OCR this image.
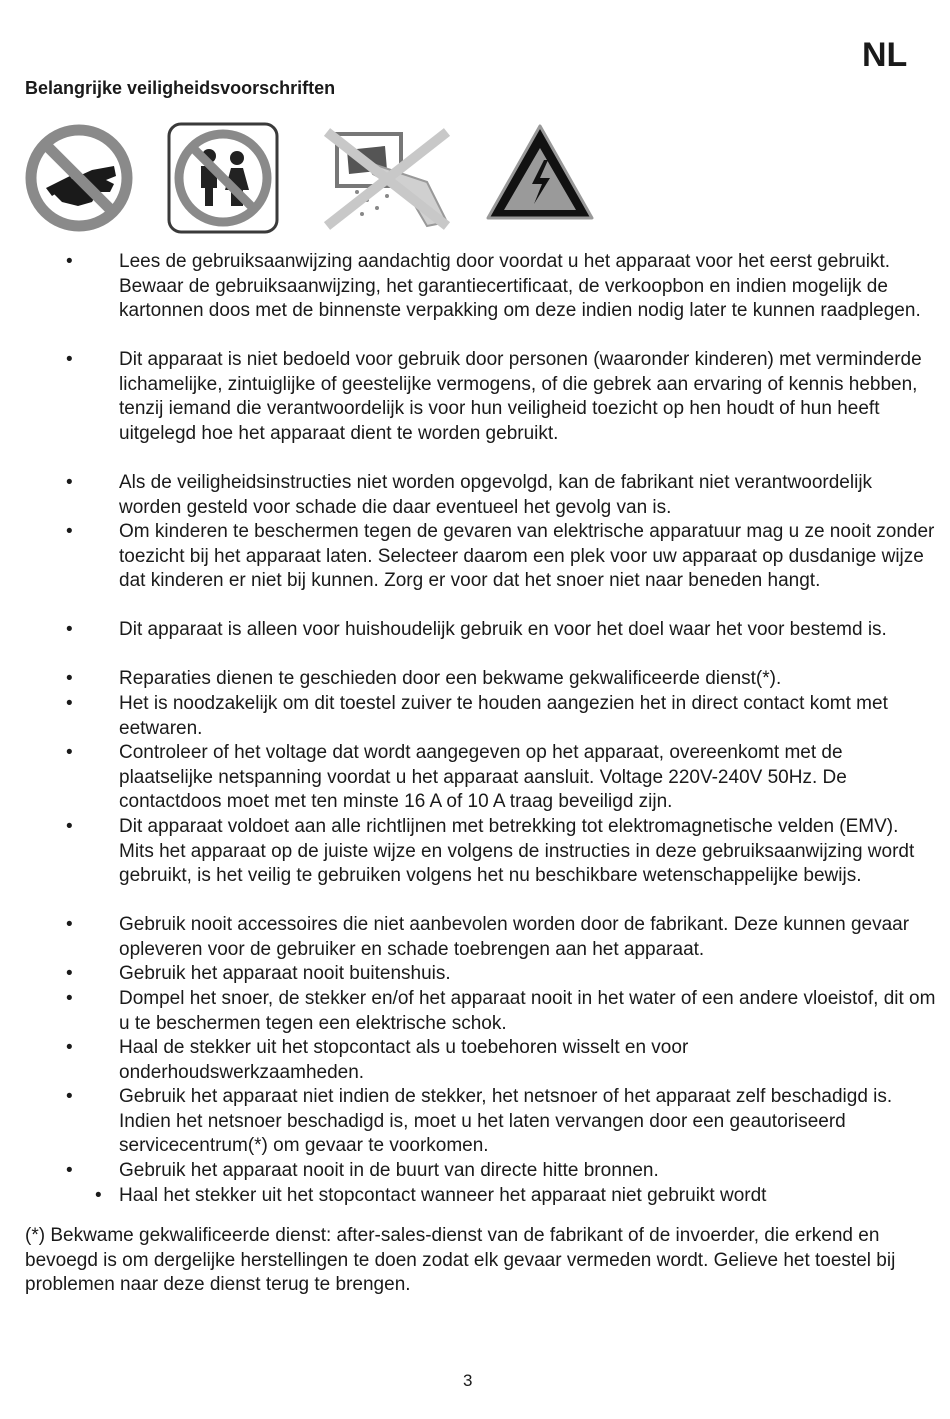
NL
Belangrijke veiligheidsvoorschriften
• Lees de gebruiksaanwijzing aandachtig door voordat u het apparaat voor het eerst gebruikt. Bewaar de gebruiksaanwijzing, het garantiecertificaat, de verkoopbon en indien mogelijk de kartonnen doos met de binnenste verpakking om deze indien nodig later te kunnen raadplegen.
• Dit apparaat is niet bedoeld voor gebruik door personen (waaronder kinderen) met verminderde lichamelijke, zintuiglijke of geestelijke vermogens, of die gebrek aan ervaring of kennis hebben, tenzij iemand die verantwoordelijk is voor hun veiligheid toezicht op hen houdt of hun heeft uitgelegd hoe het apparaat dient te worden gebruikt.
• Als de veiligheidsinstructies niet worden opgevolgd, kan de fabrikant niet verantwoordelijk worden gesteld voor schade die daar eventueel het gevolg van is.
• Om kinderen te beschermen tegen de gevaren van elektrische apparatuur mag u ze nooit zonder toezicht bij het apparaat laten. Selecteer daarom een plek voor uw apparaat op dusdanige wijze dat kinderen er niet bij kunnen. Zorg er voor dat het snoer niet naar beneden hangt.
• Dit apparaat is alleen voor huishoudelijk gebruik en voor het doel waar het voor bestemd is.
• Reparaties dienen te geschieden door een bekwame gekwalificeerde dienst(*).
• Het is noodzakelijk om dit toestel zuiver te houden aangezien het in direct contact komt met eetwaren.
• Controleer of het voltage dat wordt aangegeven op het apparaat, overeenkomt met de plaatselijke netspanning voordat u het apparaat aansluit. Voltage 220V-240V 50Hz. De contactdoos moet met ten minste 16 A of 10 A traag beveiligd zijn.
• Dit apparaat voldoet aan alle richtlijnen met betrekking tot elektromagnetische velden (EMV). Mits het apparaat op de juiste wijze en volgens de instructies in deze gebruiksaanwijzing wordt gebruikt, is het veilig te gebruiken volgens het nu beschikbare wetenschappelijke bewijs.
• Gebruik nooit accessoires die niet aanbevolen worden door de fabrikant. Deze kunnen gevaar opleveren voor de gebruiker en schade toebrengen aan het apparaat.
• Gebruik het apparaat nooit buitenshuis.
• Dompel het snoer, de stekker en/of het apparaat nooit in het water of een andere vloeistof, dit om u te beschermen tegen een elektrische schok.
• Haal de stekker uit het stopcontact als u toebehoren wisselt en voor onderhoudswerkzaamheden.
• Gebruik het apparaat niet indien de stekker, het netsnoer of het apparaat zelf beschadigd is. Indien het netsnoer beschadigd is, moet u het laten vervangen door een geautoriseerd servicecentrum(*) om gevaar te voorkomen.
• Gebruik het apparaat nooit in de buurt van directe hitte bronnen.
• Haal het stekker uit het stopcontact wanneer het apparaat niet gebruikt wordt
(*) Bekwame gekwalificeerde dienst: after-sales-dienst van de fabrikant of de invoerder, die erkend en bevoegd is om dergelijke herstellingen te doen zodat elk gevaar vermeden wordt. Gelieve het toestel bij problemen naar deze dienst terug te brengen.
3
